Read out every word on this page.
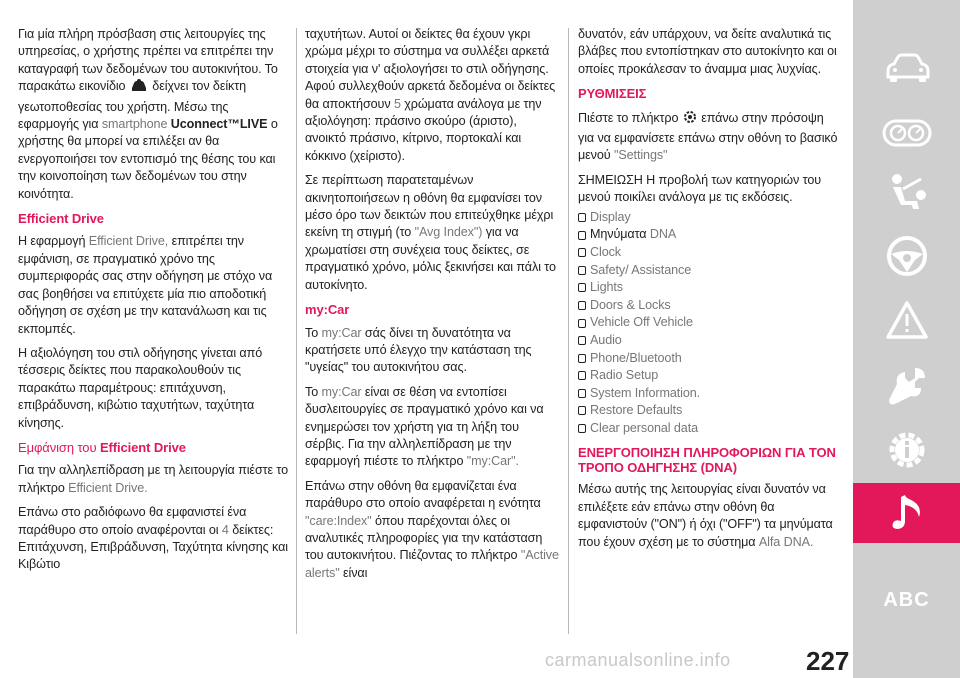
Για μία πλήρη πρόσβαση στις λειτουργίες της υπηρεσίας, ο χρήστης πρέπει να επιτρέπει την καταγραφή των δεδομένων του αυτοκινήτου. Το παρακάτω εικονίδιο δείχνει τον δείκτη γεωτοποθεσίας του χρήστη. Μέσω της εφαρμογής για smartphone Uconnect™LIVE ο χρήστης θα μπορεί να επιλέξει αν θα ενεργοποιήσει τον εντοπισμό της θέσης του και την κοινοποίηση των δεδομένων του στην κοινότητα.

Efficient Drive

Η εφαρμογή Efficient Drive, επιτρέπει την εμφάνιση, σε πραγματικό χρόνο της συμπεριφοράς σας στην οδήγηση με στόχο να σας βοηθήσει να επιτύχετε μία πιο αποδοτική οδήγηση σε σχέση με την κατανάλωση και τις εκπομπές.

Η αξιολόγηση του στιλ οδήγησης γίνεται από τέσσερις δείκτες που παρακολουθούν τις παρακάτω παραμέτρους: επιτάχυνση, επιβράδυνση, κιβώτιο ταχυτήτων, ταχύτητα κίνησης.

Εμφάνιση του Efficient Drive

Για την αλληλεπίδραση με τη λειτουργία πιέστε το πλήκτρο Efficient Drive.

Επάνω στο ραδιόφωνο θα εμφανιστεί ένα παράθυρο στο οποίο αναφέρονται οι 4 δείκτες: Επιτάχυνση, Επιβράδυνση, Ταχύτητα κίνησης και Κιβώτιο

ταχυτήτων. Αυτοί οι δείκτες θα έχουν γκρι χρώμα μέχρι το σύστημα να συλλέξει αρκετά στοιχεία για ν' αξιολογήσει το στιλ οδήγησης. Αφού συλλεχθούν αρκετά δεδομένα οι δείκτες θα αποκτήσουν 5 χρώματα ανάλογα με την αξιολόγηση: πράσινο σκούρο (άριστο), ανοικτό πράσινο, κίτρινο, πορτοκαλί και κόκκινο (χείριστο).

Σε περίπτωση παρατεταμένων ακινητοποιήσεων η οθόνη θα εμφανίσει τον μέσο όρο των δεικτών που επιτεύχθηκε μέχρι εκείνη τη στιγμή (το "Avg Index") για να χρωματίσει στη συνέχεια τους δείκτες, σε πραγματικό χρόνο, μόλις ξεκινήσει και πάλι το αυτοκίνητο.

my:Car

Το my:Car σάς δίνει τη δυνατότητα να κρατήσετε υπό έλεγχο την κατάσταση της "υγείας" του αυτοκινήτου σας.

Το my:Car είναι σε θέση να εντοπίσει δυσλειτουργίες σε πραγματικό χρόνο και να ενημερώσει τον χρήστη για τη λήξη του σέρβις. Για την αλληλεπίδραση με την εφαρμογή πιέστε το πλήκτρο "my:Car".

Επάνω στην οθόνη θα εμφανίζεται ένα παράθυρο στο οποίο αναφέρεται η ενότητα "care:Index" όπου παρέχονται όλες οι αναλυτικές πληροφορίες για την κατάσταση του αυτοκινήτου. Πιέζοντας το πλήκτρο "Active alerts" είναι

δυνατόν, εάν υπάρχουν, να δείτε αναλυτικά τις βλάβες που εντοπίστηκαν στο αυτοκίνητο και οι οποίες προκάλεσαν το άναμμα μιας λυχνίας.

ΡΥΘΜΙΣΕΙΣ

Πιέστε το πλήκτρο επάνω στην πρόσοψη για να εμφανίσετε επάνω στην οθόνη το βασικό μενού "Settings"

ΣΗΜΕΙΩΣΗ Η προβολή των κατηγοριών του μενού ποικίλει ανάλογα με τις εκδόσεις.

Display
Μηνύματα
DNA
Clock
Safety/ Assistance
Lights
Doors & Locks
Vehicle Off Vehicle
Audio
Phone/Bluetooth
Radio Setup
System Information.
Restore Defaults
Clear personal data
ΕΝΕΡΓΟΠΟΙΗΣΗ ΠΛΗΡΟΦΟΡΙΩΝ ΓΙΑ ΤΟΝ ΤΡΟΠΟ ΟΔΗΓΗΣΗΣ (DNA)

Μέσω αυτής της λειτουργίας είναι δυνατόν να επιλέξετε εάν επάνω στην οθόνη θα εμφανιστούν ("ON") ή όχι ("OFF") τα μηνύματα που έχουν σχέση με το σύστημα Alfa DNA.

ABC
carmanualsonline.info	227
